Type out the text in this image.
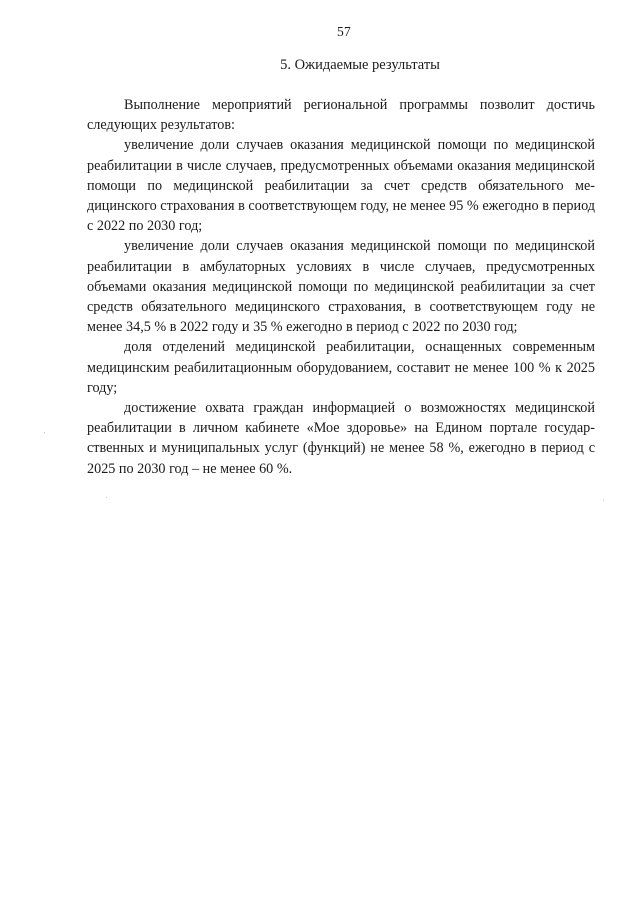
57
5. Ожидаемые результаты

Выполнение мероприятий региональной программы позволит достичь следующих результатов:

увеличение доли случаев оказания медицинской помощи по медицинской реабилитации в числе случаев, предусмотренных объемами оказания медицинской помощи по медицинской реабилитации за счет средств обязательного медицинского страхования в соответствующем году, не менее 95 % ежегодно в период с 2022 по 2030 год;

увеличение доли случаев оказания медицинской помощи по медицинской реабилитации в амбулаторных условиях в числе случаев, предусмотренных объемами оказания медицинской помощи по медицинской реабилитации за счет средств обязательного медицинского страхования, в соответствующем году не менее 34,5 % в 2022 году и 35 % ежегодно в период с 2022 по 2030 год;

доля отделений медицинской реабилитации, оснащенных современным медицинским реабилитационным оборудованием, составит не менее 100 % к 2025 году;

достижение охвата граждан информацией о возможностях медицинской реабилитации в личном кабинете «Мое здоровье» на Едином портале государственных и муниципальных услуг (функций) не менее 58 %, ежегодно в период с 2025 по 2030 год – не менее 60 %.
